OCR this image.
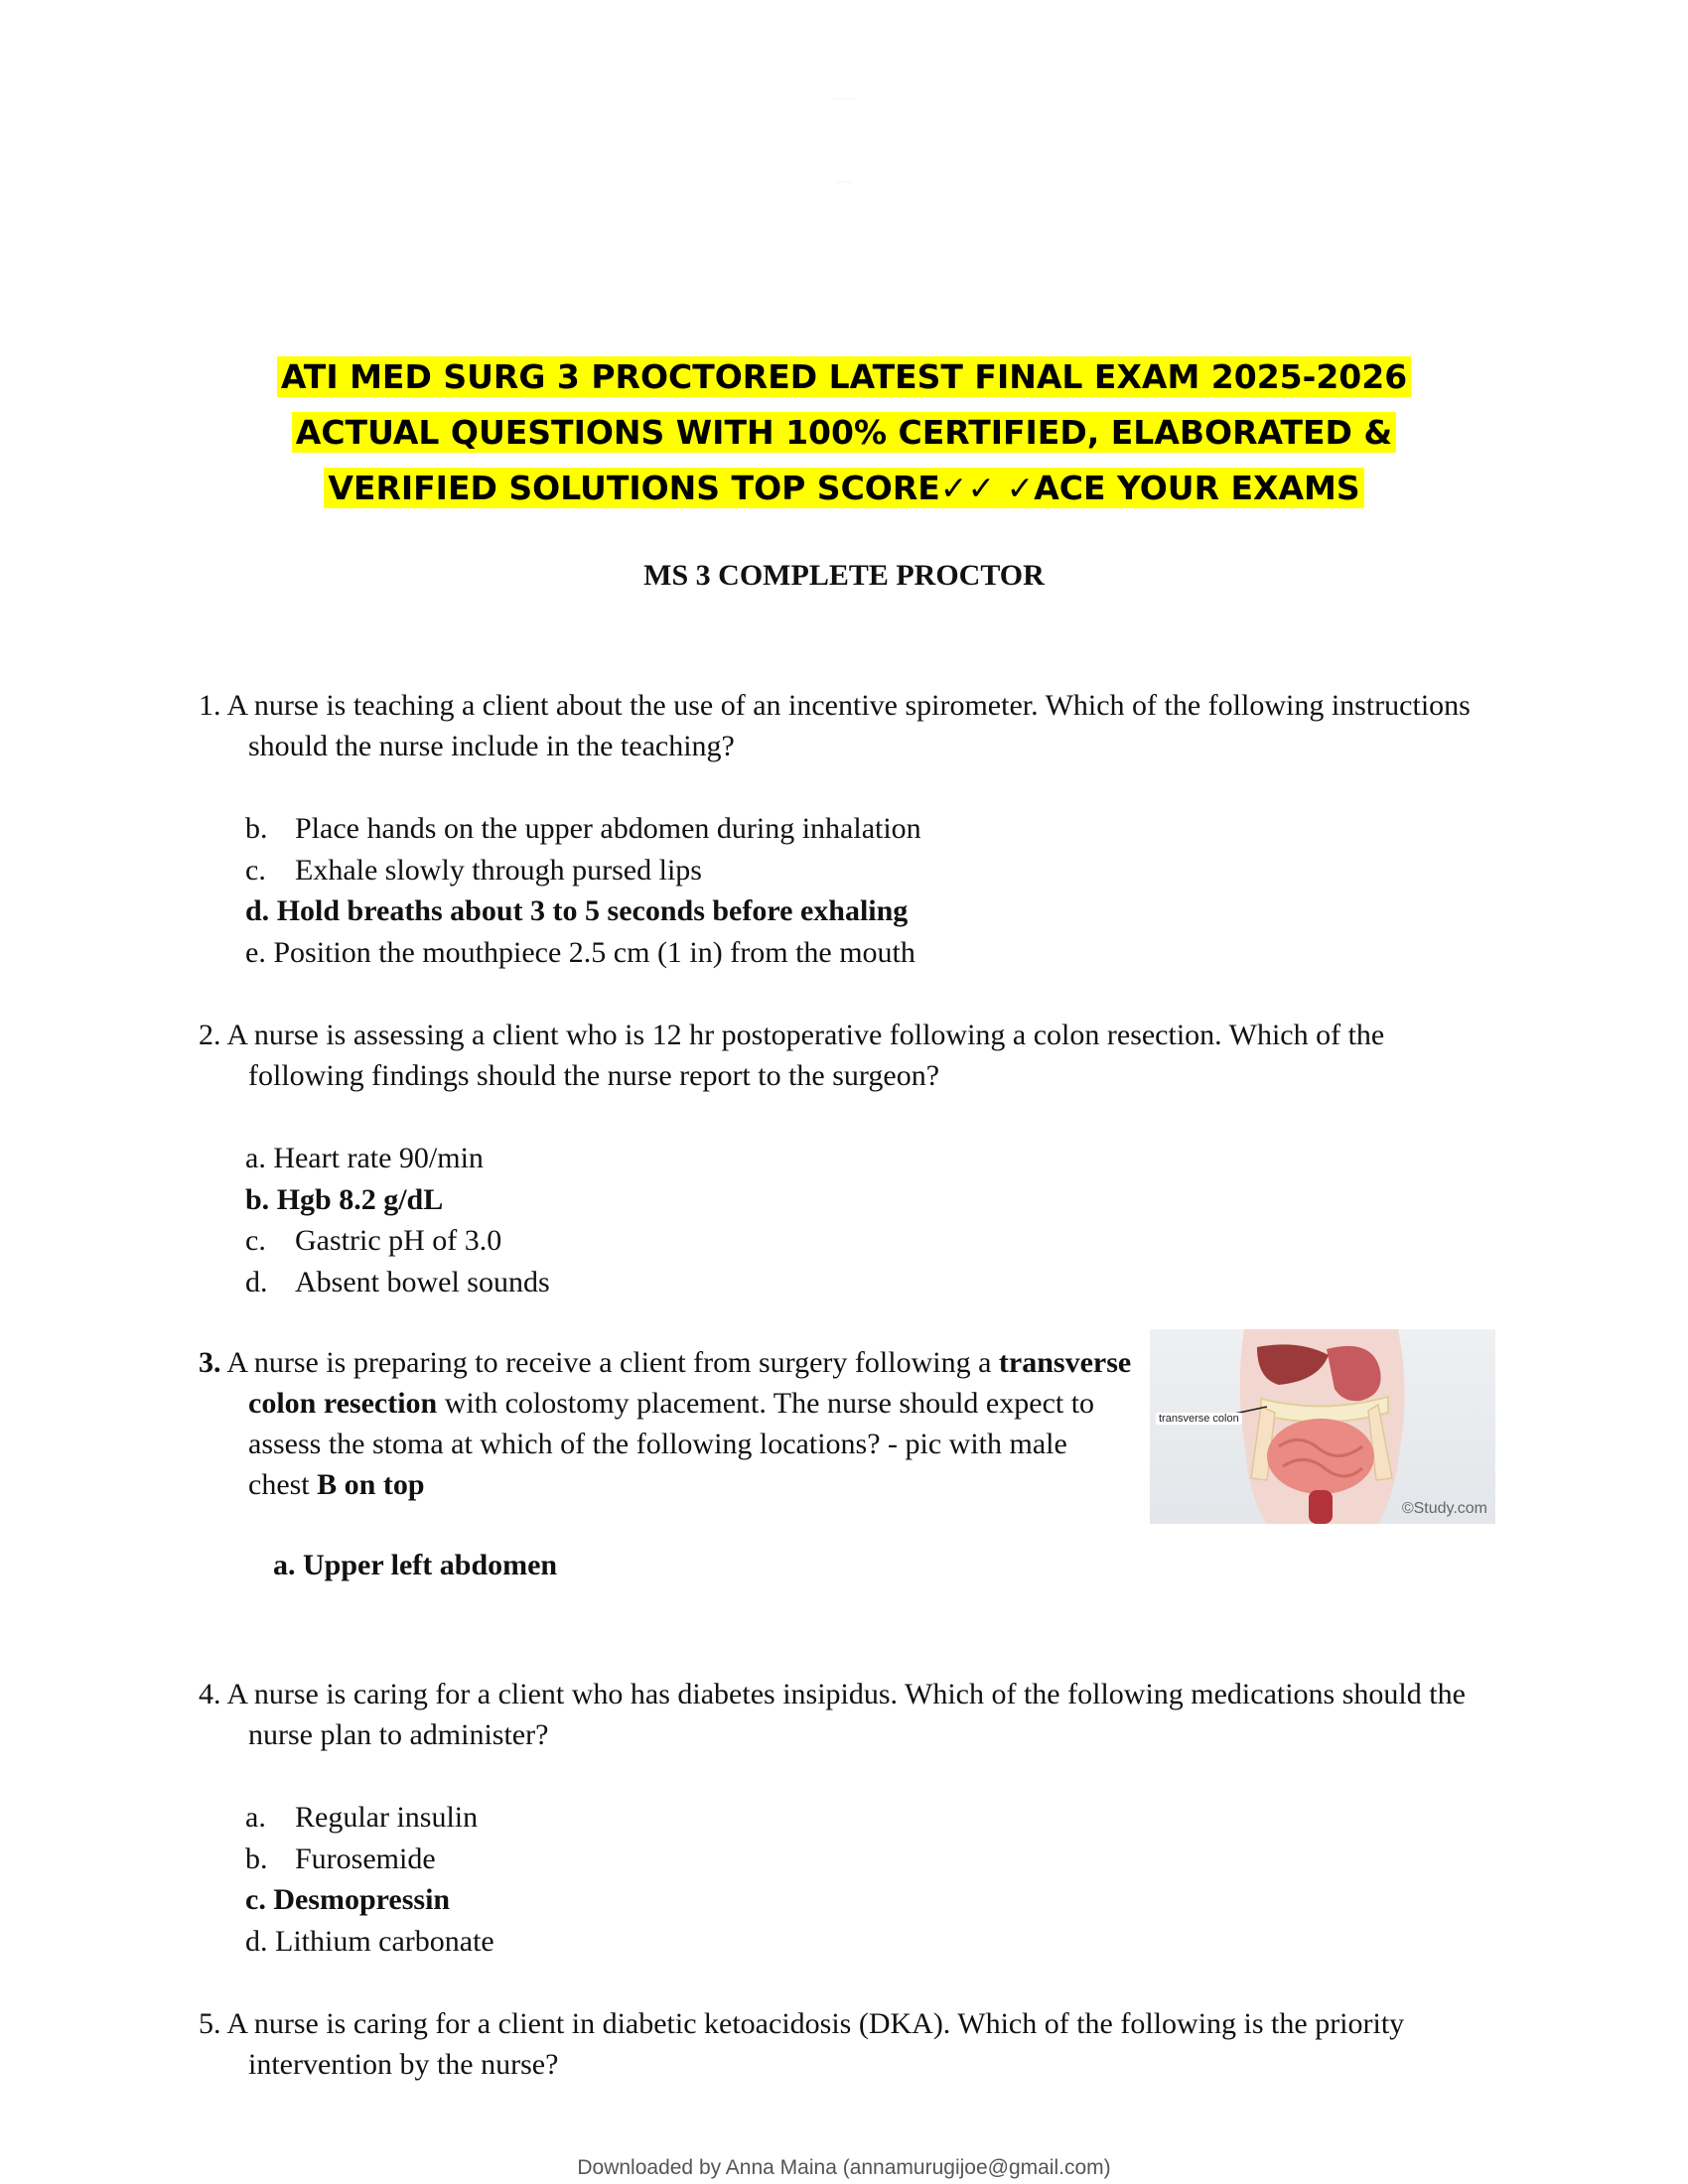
...............................
...................
ATI MED SURG 3 PROCTORED LATEST FINAL EXAM 2025-2026
ACTUAL QUESTIONS WITH 100% CERTIFIED, ELABORATED &
VERIFIED SOLUTIONS TOP SCORE✓✓ ✓ACE YOUR EXAMS
MS 3 COMPLETE PROCTOR
1. A nurse is teaching a client about the use of an incentive spirometer. Which of the following instructions should the nurse include in the teaching?
b. Place hands on the upper abdomen during inhalation
c. Exhale slowly through pursed lips
d. Hold breaths about 3 to 5 seconds before exhaling
e. Position the mouthpiece 2.5 cm (1 in) from the mouth
2. A nurse is assessing a client who is 12 hr postoperative following a colon resection. Which of the following findings should the nurse report to the surgeon?
a. Heart rate 90/min
b. Hgb 8.2 g/dL
c. Gastric pH of 3.0
d. Absent bowel sounds
3. A nurse is preparing to receive a client from surgery following a transverse colon resection with colostomy placement. The nurse should expect to assess the stoma at which of the following locations? - pic with male chest B on top
a. Upper left abdomen
transverse colon
©Study.com
4. A nurse is caring for a client who has diabetes insipidus. Which of the following medications should the nurse plan to administer?
a. Regular insulin
b. Furosemide
c. Desmopressin
d. Lithium carbonate
5. A nurse is caring for a client in diabetic ketoacidosis (DKA). Which of the following is the priority intervention by the nurse?
Downloaded by Anna Maina (annamurugijoe@gmail.com)
